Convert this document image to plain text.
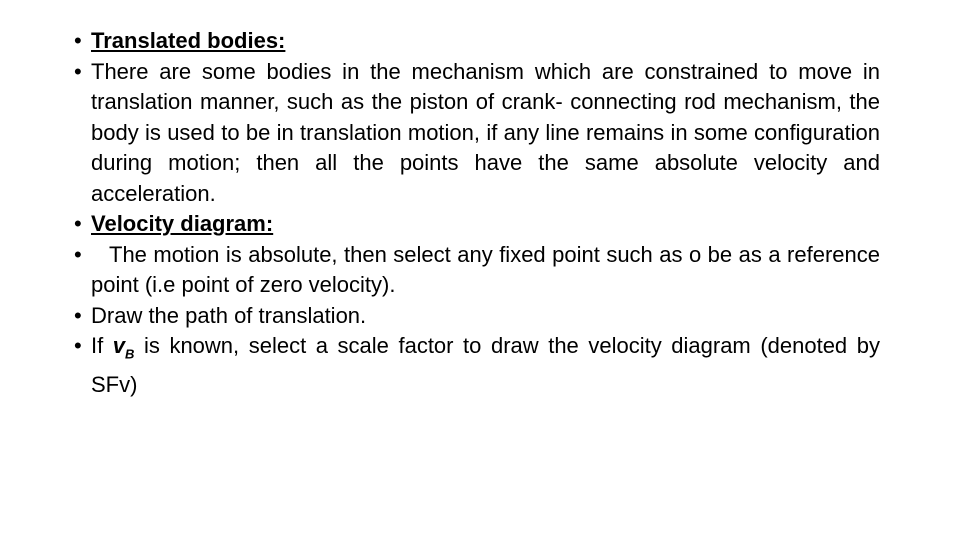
• Translated bodies:
• There are some bodies in the mechanism which are constrained to move in translation manner, such as the piston of crank- connecting rod mechanism, the body is used to be in translation motion, if any line remains in some configuration during motion; then all the points have the same absolute velocity and acceleration.
• Velocity diagram:
• The motion is absolute, then select any fixed point such as o be as a reference point (i.e point of zero velocity).
• Draw the path of translation.
• If $v_B$ is known, select a scale factor to draw the velocity diagram (denoted by SFv)
